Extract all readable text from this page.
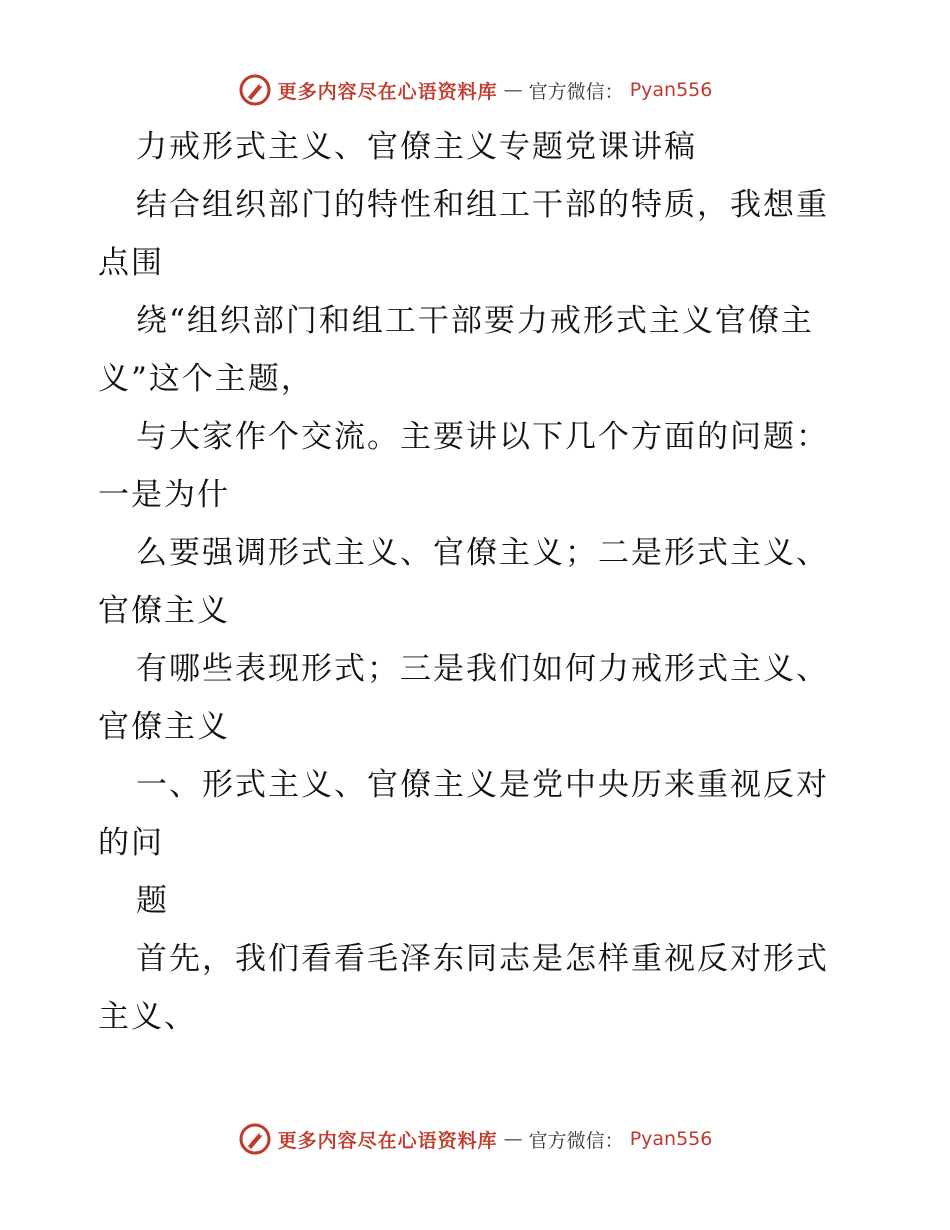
更多内容尽在心语资料库 — 官方微信： Pyan556

力戒形式主义、官僚主义专题党课讲稿

结合组织部门的特性和组工干部的特质，我想重点围

绕“组织部门和组工干部要力戒形式主义官僚主义”这个主题，

与大家作个交流。主要讲以下几个方面的问题：一是为什

么要强调形式主义、官僚主义；二是形式主义、官僚主义

有哪些表现形式；三是我们如何力戒形式主义、官僚主义

一、形式主义、官僚主义是党中央历来重视反对的问

题

首先，我们看看毛泽东同志是怎样重视反对形式主义、

更多内容尽在心语资料库 — 官方微信： Pyan556
